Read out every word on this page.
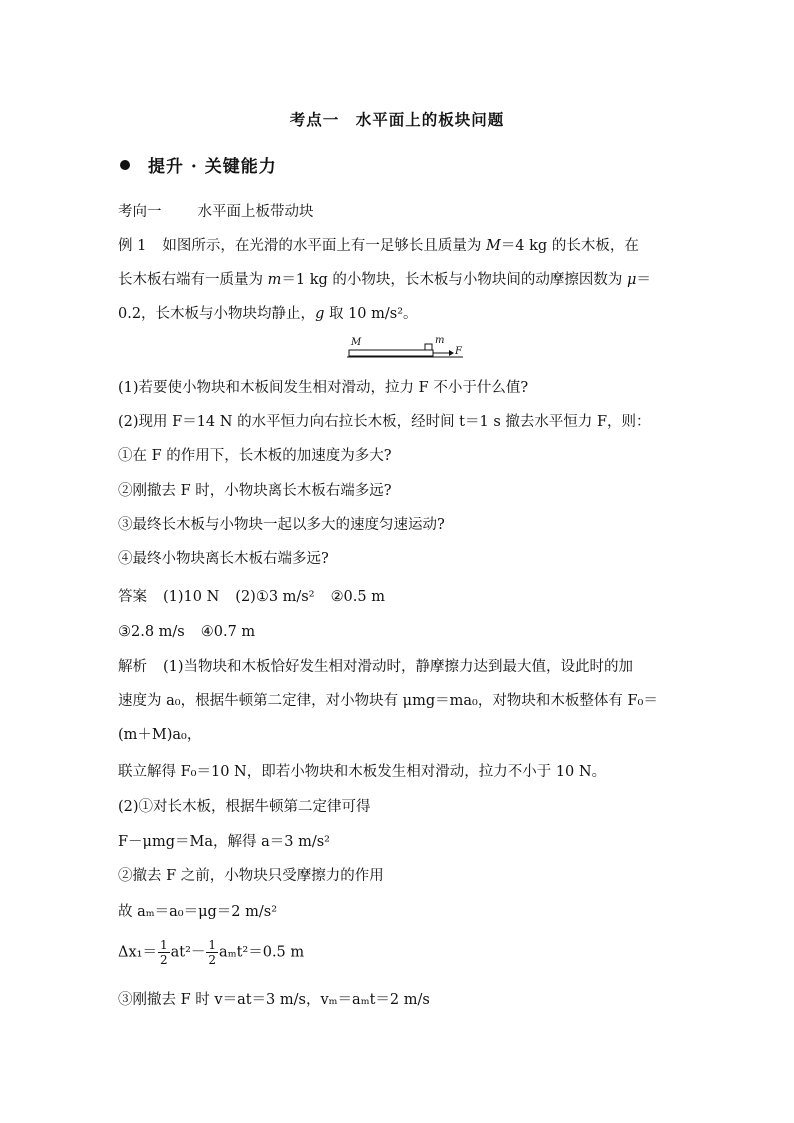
考点一　水平面上的板块问题
提升 · 关键能力
考向一 水平面上板带动块
例 1 如图所示，在光滑的水平面上有一足够长且质量为 M＝4 kg 的长木板，在
长木板右端有一质量为 m＝1 kg 的小物块，长木板与小物块间的动摩擦因数为 μ＝
0.2，长木板与小物块均静止，g 取 10 m/s²。
M	m
F
(1)若要使小物块和木板间发生相对滑动，拉力 F 不小于什么值?
(2)现用 F＝14 N 的水平恒力向右拉长木板，经时间 t＝1 s 撤去水平恒力 F，则：
①在 F 的作用下，长木板的加速度为多大?
②刚撤去 F 时，小物块离长木板右端多远?
③最终长木板与小物块一起以多大的速度匀速运动?
④最终小物块离长木板右端多远?
答案 (1)10 N (2)①3 m/s² ②0.5 m
③2.8 m/s ④0.7 m
解析 (1)当物块和木板恰好发生相对滑动时，静摩擦力达到最大值，设此时的加
速度为 a₀，根据牛顿第二定律，对小物块有 μmg＝ma₀，对物块和木板整体有 F₀＝
(m＋M)a₀，
联立解得 F₀＝10 N，即若小物块和木板发生相对滑动，拉力不小于 10 N。
(2)①对长木板，根据牛顿第二定律可得
F－μmg＝Ma，解得 a＝3 m/s²
②撤去 F 之前，小物块只受摩擦力的作用
故 aₘ＝a₀＝μg＝2 m/s²
$\Delta x_1= \frac{1}{2} at^2- \frac{1}{2} a_mt^2=0.5$ m
③刚撤去 F 时 v＝at＝3 m/s，vₘ＝aₘt＝2 m/s
